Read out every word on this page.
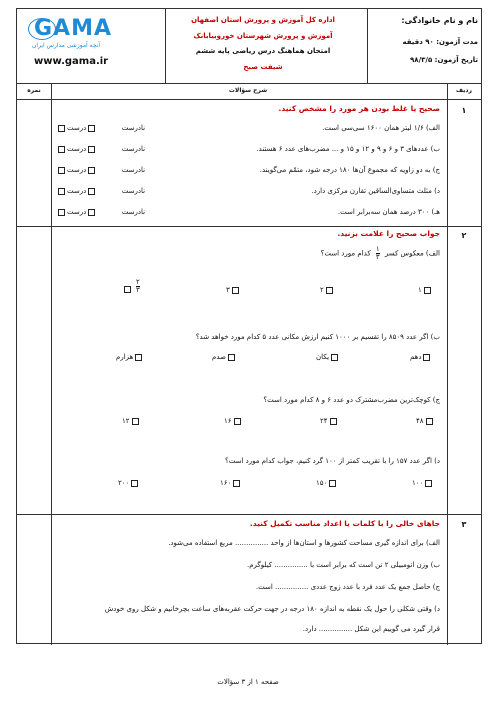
GAMA
آنچه آموزشی مدارس ایران
www.gama.ir
اداره کل آموزش و پرورش استان اصفهان
آموزش و پرورش شهرستان خوروبیابانک
امتحان هماهنگ درس ریاضی پایه ششم
شیفت صبح
نام و نام خانوادگی:
مدت آزمون: ۹۰ دقیقه
تاریخ آزمون: ۹۸/۳/۵
نمره	شرح سؤالات	ردیف
۱
صحیح یا غلط بودن هر مورد را مشخص کنید.
الف) ۱/۶ لیتر همان ۱۶۰۰ سی‌سی است.
ب) عددهای ۳ و ۶ و ۹ و ۱۲ و ۱۵ و ... مضرب‌های عدد ۶ هستند.
ج) به دو زاویه که مجموع آن‌ها ۱۸۰ درجه شود، متمّم می‌گویند.
د) مثلث متساوی‌الساقین تقارن مرکزی دارد.
هـ) ۳۰۰ درصد همان سه‌برابر است.
نادرست  درست
نادرست  درست
نادرست  درست
نادرست  درست
نادرست  درست
۲
جواب صحیح را علامت بزنید.
الف) معکوس کسر
۱
۳
کدام مورد است؟
۱
۲
۳
۲
۳
ب) اگر عدد ۸۵۰۹ را تقسیم بر ۱۰۰۰ کنیم ارزش مکانی عدد ۵ کدام مورد خواهد شد؟
دهم
یکان
صدم
هزارم
ج) کوچک‌ترین مضرب‌مشترک دو عدد ۶ و ۸ کدام مورد است؟
۴۸
۲۴
۱۶
۱۲
د) اگر عدد ۱۵۷ را با تقریب کمتر از ۱۰۰ گرد کنیم، جواب کدام مورد است؟
۱۰۰
۱۵۰
۱۶۰
۲۰۰
۳
جاهای خالی را با کلمات یا اعداد مناسب تکمیل کنید.
الف) برای اندازه گیری مساحت کشورها و استان‌ها از واحد ............... مربع استفاده می‌شود.
ب) وزن اتومبیلی ۲ تن است که برابر است با ............... کیلوگرم.
ج) حاصل جمع یک عدد فرد با عدد زوج عددی ............... است.
د) وقتی شکلی را حول یک نقطه به اندازه ۱۸۰ درجه در جهت حرکت عقربه‌های ساعت بچرخانیم و شکل روی خودش
قرار گیرد می گوییم این شکل ............... دارد.
صفحه ۱ از ۳ سؤالات
